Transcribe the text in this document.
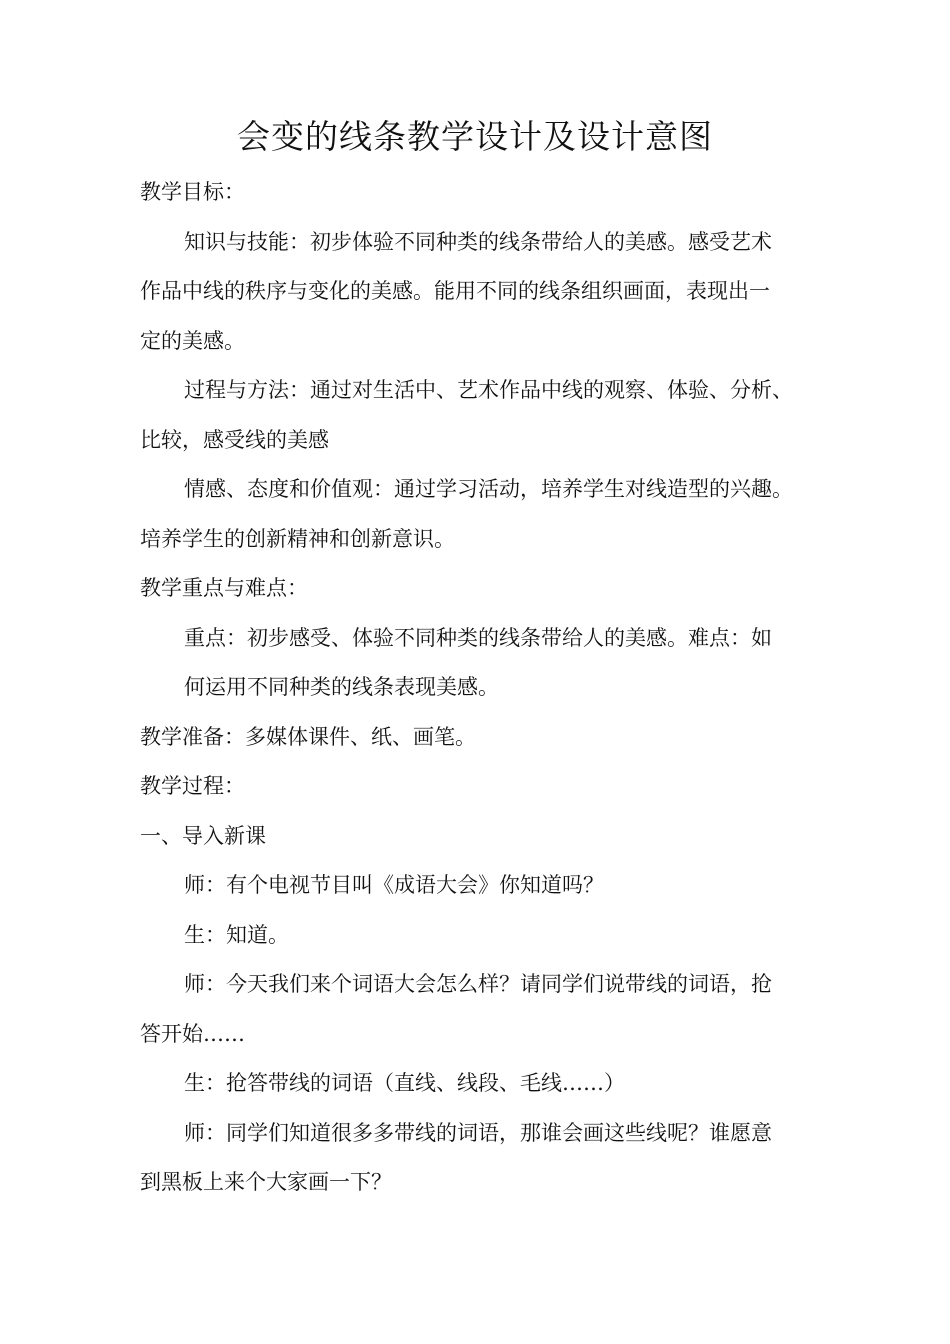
会变的线条教学设计及设计意图
教学目标：
知识与技能：初步体验不同种类的线条带给人的美感。感受艺术
作品中线的秩序与变化的美感。能用不同的线条组织画面，表现出一
定的美感。
过程与方法：通过对生活中、艺术作品中线的观察、体验、分析、
比较，感受线的美感
情感、态度和价值观：通过学习活动，培养学生对线造型的兴趣。
培养学生的创新精神和创新意识。
教学重点与难点：
重点：初步感受、体验不同种类的线条带给人的美感。难点：如
何运用不同种类的线条表现美感。
教学准备：多媒体课件、纸、画笔。
教学过程：
一、导入新课
师：有个电视节目叫《成语大会》你知道吗？
生：知道。
师：今天我们来个词语大会怎么样？请同学们说带线的词语，抢
答开始……
生：抢答带线的词语（直线、线段、毛线……）
师：同学们知道很多多带线的词语，那谁会画这些线呢？谁愿意
到黑板上来个大家画一下？
